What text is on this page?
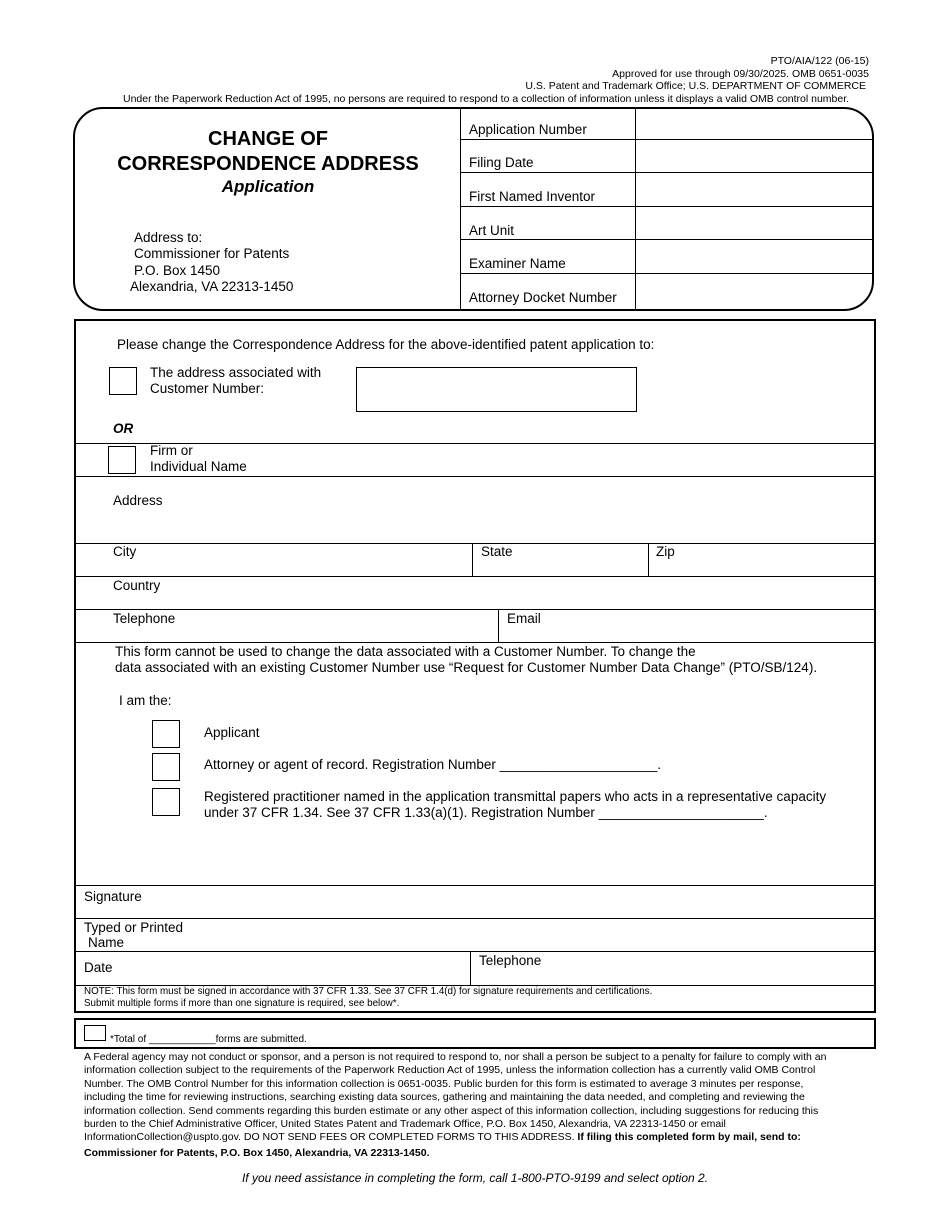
PTO/AIA/122 (06-15)
Approved for use through 09/30/2025. OMB 0651-0035
U.S. Patent and Trademark Office; U.S. DEPARTMENT OF COMMERCE
Under the Paperwork Reduction Act of 1995, no persons are required to respond to a collection of information unless it displays a valid OMB control number.
CHANGE OF
CORRESPONDENCE ADDRESS
Application
Address to:
Commissioner for Patents
P.O. Box 1450
Alexandria, VA 22313-1450
Application Number
Filing Date
First Named Inventor
Art Unit
Examiner Name
Attorney Docket Number
Please change the Correspondence Address for the above-identified patent application to:
The address associated with
Customer Number:
OR
Firm or
Individual Name
Address
City	State	Zip
Country
Telephone	Email
This form cannot be used to change the data associated with a Customer Number. To change the
data associated with an existing Customer Number use “Request for Customer Number Data Change” (PTO/SB/124).
I am the:
Applicant
Attorney or agent of record. Registration Number _____________________.
Registered practitioner named in the application transmittal papers who acts in a representative capacity
under 37 CFR 1.34. See 37 CFR 1.33(a)(1). Registration Number ______________________.
Signature
Typed or Printed
Name
Date	Telephone
NOTE: This form must be signed in accordance with 37 CFR 1.33. See 37 CFR 1.4(d) for signature requirements and certifications.
Submit multiple forms if more than one signature is required, see below*.
*Total of ____________forms are submitted.
A Federal agency may not conduct or sponsor, and a person is not required to respond to, nor shall a person be subject to a penalty for failure to comply with an
information collection subject to the requirements of the Paperwork Reduction Act of 1995, unless the information collection has a currently valid OMB Control
Number. The OMB Control Number for this information collection is 0651-0035. Public burden for this form is estimated to average 3 minutes per response,
including the time for reviewing instructions, searching existing data sources, gathering and maintaining the data needed, and completing and reviewing the
information collection. Send comments regarding this burden estimate or any other aspect of this information collection, including suggestions for reducing this
burden to the Chief Administrative Officer, United States Patent and Trademark Office, P.O. Box 1450, Alexandria, VA 22313-1450 or email
InformationCollection@uspto.gov. DO NOT SEND FEES OR COMPLETED FORMS TO THIS ADDRESS. If filing this completed form by mail, send to:
Commissioner for Patents, P.O. Box 1450, Alexandria, VA 22313-1450.
If you need assistance in completing the form, call 1-800-PTO-9199 and select option 2.
